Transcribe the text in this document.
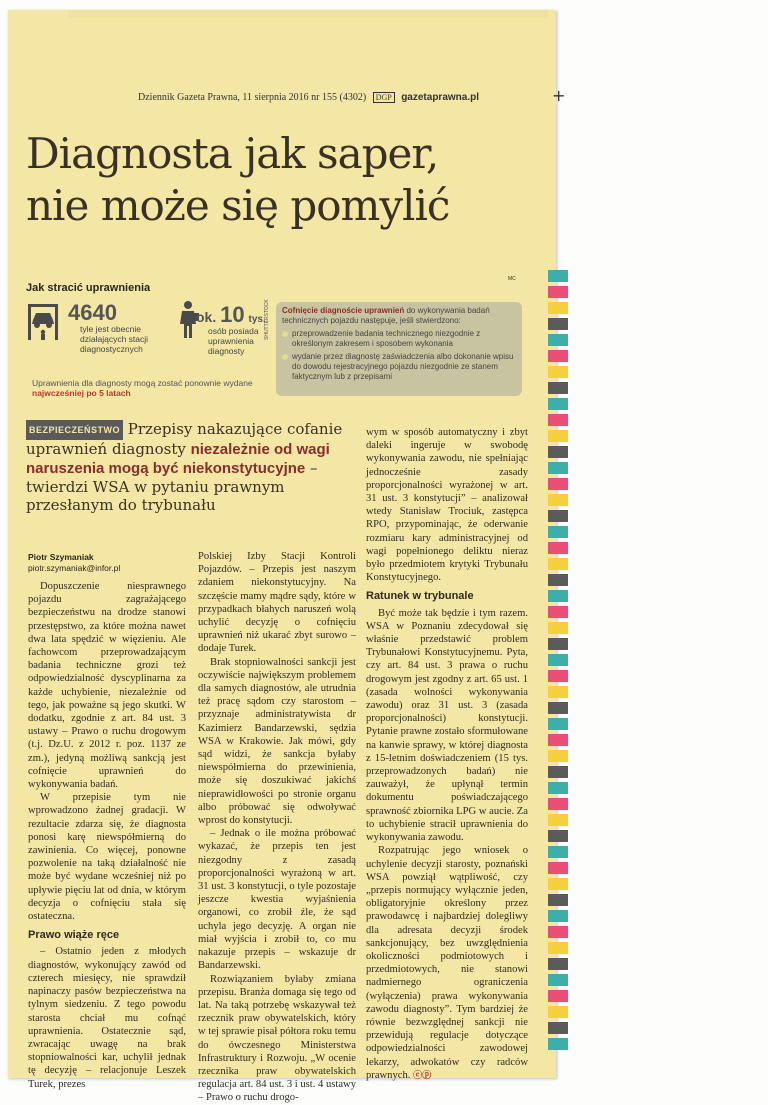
Dziennik Gazeta Prawna, 11 sierpnia 2016 nr 155 (4302) DGP gazetaprawna.pl
Diagnosta jak saper,
nie może się pomylić
MC
Jak stracić uprawnienia
4640
tyle jest obecnie działających stacji diagnostycznych
ok. 10 tys.
osób posiada uprawnienia diagnosty
Uprawnienia dla diagnosty mogą zostać ponownie wydane najwcześniej po 5 latach
SHUTTERSTOCK Cofnięcie diagnoście uprawnień do wykonywania badań technicznych pojazdu następuje, jeśli stwierdzono:
przeprowadzenie badania technicznego niezgodnie z określonym zakresem i sposobem wykonania
wydanie przez diagnostę zaświadczenia albo dokonanie wpisu do dowodu rejestracyjnego pojazdu niezgodnie ze stanem faktycznym lub z przepisami
BEZPIECZEŃSTWO Przepisy nakazujące cofanie uprawnień diagnosty niezależnie od wagi naruszenia mogą być niekonstytucyjne – twierdzi WSA w pytaniu prawnym przesłanym do trybunału
Piotr Szymaniak
piotr.szymaniak@infor.pl

Dopuszczenie niesprawnego pojazdu zagrażającego bezpieczeństwu na drodze stanowi przestępstwo, za które można nawet dwa lata spędzić w więzieniu. Ale fachowcom przeprowadzającym badania techniczne grozi też odpowiedzialność dyscyplinarna za każde uchybienie, niezależnie od tego, jak poważne są jego skutki. W dodatku, zgodnie z art. 84 ust. 3 ustawy – Prawo o ruchu drogowym (t.j. Dz.U. z 2012 r. poz. 1137 ze zm.), jedyną możliwą sankcją jest cofnięcie uprawnień do wykonywania badań.

W przepisie tym nie wprowadzono żadnej gradacji. W rezultacie zdarza się, że diagnosta ponosi karę niewspółmierną do zawinienia. Co więcej, ponowne pozwolenie na taką działalność nie może być wydane wcześniej niż po upływie pięciu lat od dnia, w którym decyzja o cofnięciu stała się ostateczna.

Prawo wiąże ręce

– Ostatnio jeden z młodych diagnostów, wykonujący zawód od czterech miesięcy, nie sprawdził napinaczy pasów bezpieczeństwa na tylnym siedzeniu. Z tego powodu starosta chciał mu cofnąć uprawnienia. Ostatecznie sąd, zwracając uwagę na brak stopniowalności kar, uchylił jednak tę decyzję – relacjonuje Leszek Turek, prezes

Polskiej Izby Stacji Kontroli Pojazdów. – Przepis jest naszym zdaniem niekonstytucyjny. Na szczęście mamy mądre sądy, które w przypadkach błahych naruszeń wolą uchylić decyzję o cofnięciu uprawnień niż ukarać zbyt surowo – dodaje Turek.

Brak stopniowalności sankcji jest oczywiście największym problemem dla samych diagnostów, ale utrudnia też pracę sądom czy starostom – przyznaje administratywista dr Kazimierz Bandarzewski, sędzia WSA w Krakowie. Jak mówi, gdy sąd widzi, że sankcja byłaby niewspółmierna do przewinienia, może się doszukiwać jakichś nieprawidłowości po stronie organu albo próbować się odwoływać wprost do konstytucji.

– Jednak o ile można próbować wykazać, że przepis ten jest niezgodny z zasadą proporcjonalności wyrażoną w art. 31 ust. 3 konstytucji, o tyle pozostaje jeszcze kwestia wyjaśnienia organowi, co zrobił źle, że sąd uchyla jego decyzję. A organ nie miał wyjścia i zrobił to, co mu nakazuje przepis – wskazuje dr Bandarzewski.

Rozwiązaniem byłaby zmiana przepisu. Branża domaga się tego od lat. Na taką potrzebę wskazywał też rzecznik praw obywatelskich, który w tej sprawie pisał półtora roku temu do ówczesnego Ministerstwa Infrastruktury i Rozwoju. „W ocenie rzecznika praw obywatelskich regulacja art. 84 ust. 3 i ust. 4 ustawy – Prawo o ruchu drogo-

wym w sposób automatyczny i zbyt daleki ingeruje w swobodę wykonywania zawodu, nie spełniając jednocześnie zasady proporcjonalności wyrażonej w art. 31 ust. 3 konstytucji” – analizował wtedy Stanisław Trociuk, zastępca RPO, przypominając, że oderwanie rozmiaru kary administracyjnej od wagi popełnionego deliktu nieraz było przedmiotem krytyki Trybunału Konstytucyjnego.

Ratunek w trybunale

Być może tak będzie i tym razem. WSA w Poznaniu zdecydował się właśnie przedstawić problem Trybunałowi Konstytucyjnemu. Pyta, czy art. 84 ust. 3 prawa o ruchu drogowym jest zgodny z art. 65 ust. 1 (zasada wolności wykonywania zawodu) oraz 31 ust. 3 (zasada proporcjonalności) konstytucji. Pytanie prawne zostało sformułowane na kanwie sprawy, w której diagnosta z 15-letnim doświadczeniem (15 tys. przeprowadzonych badań) nie zauważył, że upłynął termin dokumentu poświadczającego sprawność zbiornika LPG w aucie. Za to uchybienie stracił uprawnienia do wykonywania zawodu.

Rozpatrując jego wniosek o uchylenie decyzji starosty, poznański WSA powziął wątpliwość, czy „przepis normujący wyłącznie jeden, obligatoryjnie określony przez prawodawcę i najbardziej dolegliwy dla adresata decyzji środek sankcjonujący, bez uwzględnienia okoliczności podmiotowych i przedmiotowych, nie stanowi nadmiernego ograniczenia (wyłączenia) prawa wykonywania zawodu diagnosty”. Tym bardziej że równie bezwzględnej sankcji nie przewidują regulacje dotyczące odpowiedzialności zawodowej lekarzy, adwokatów czy radców prawnych. ⓒⓟ

+
